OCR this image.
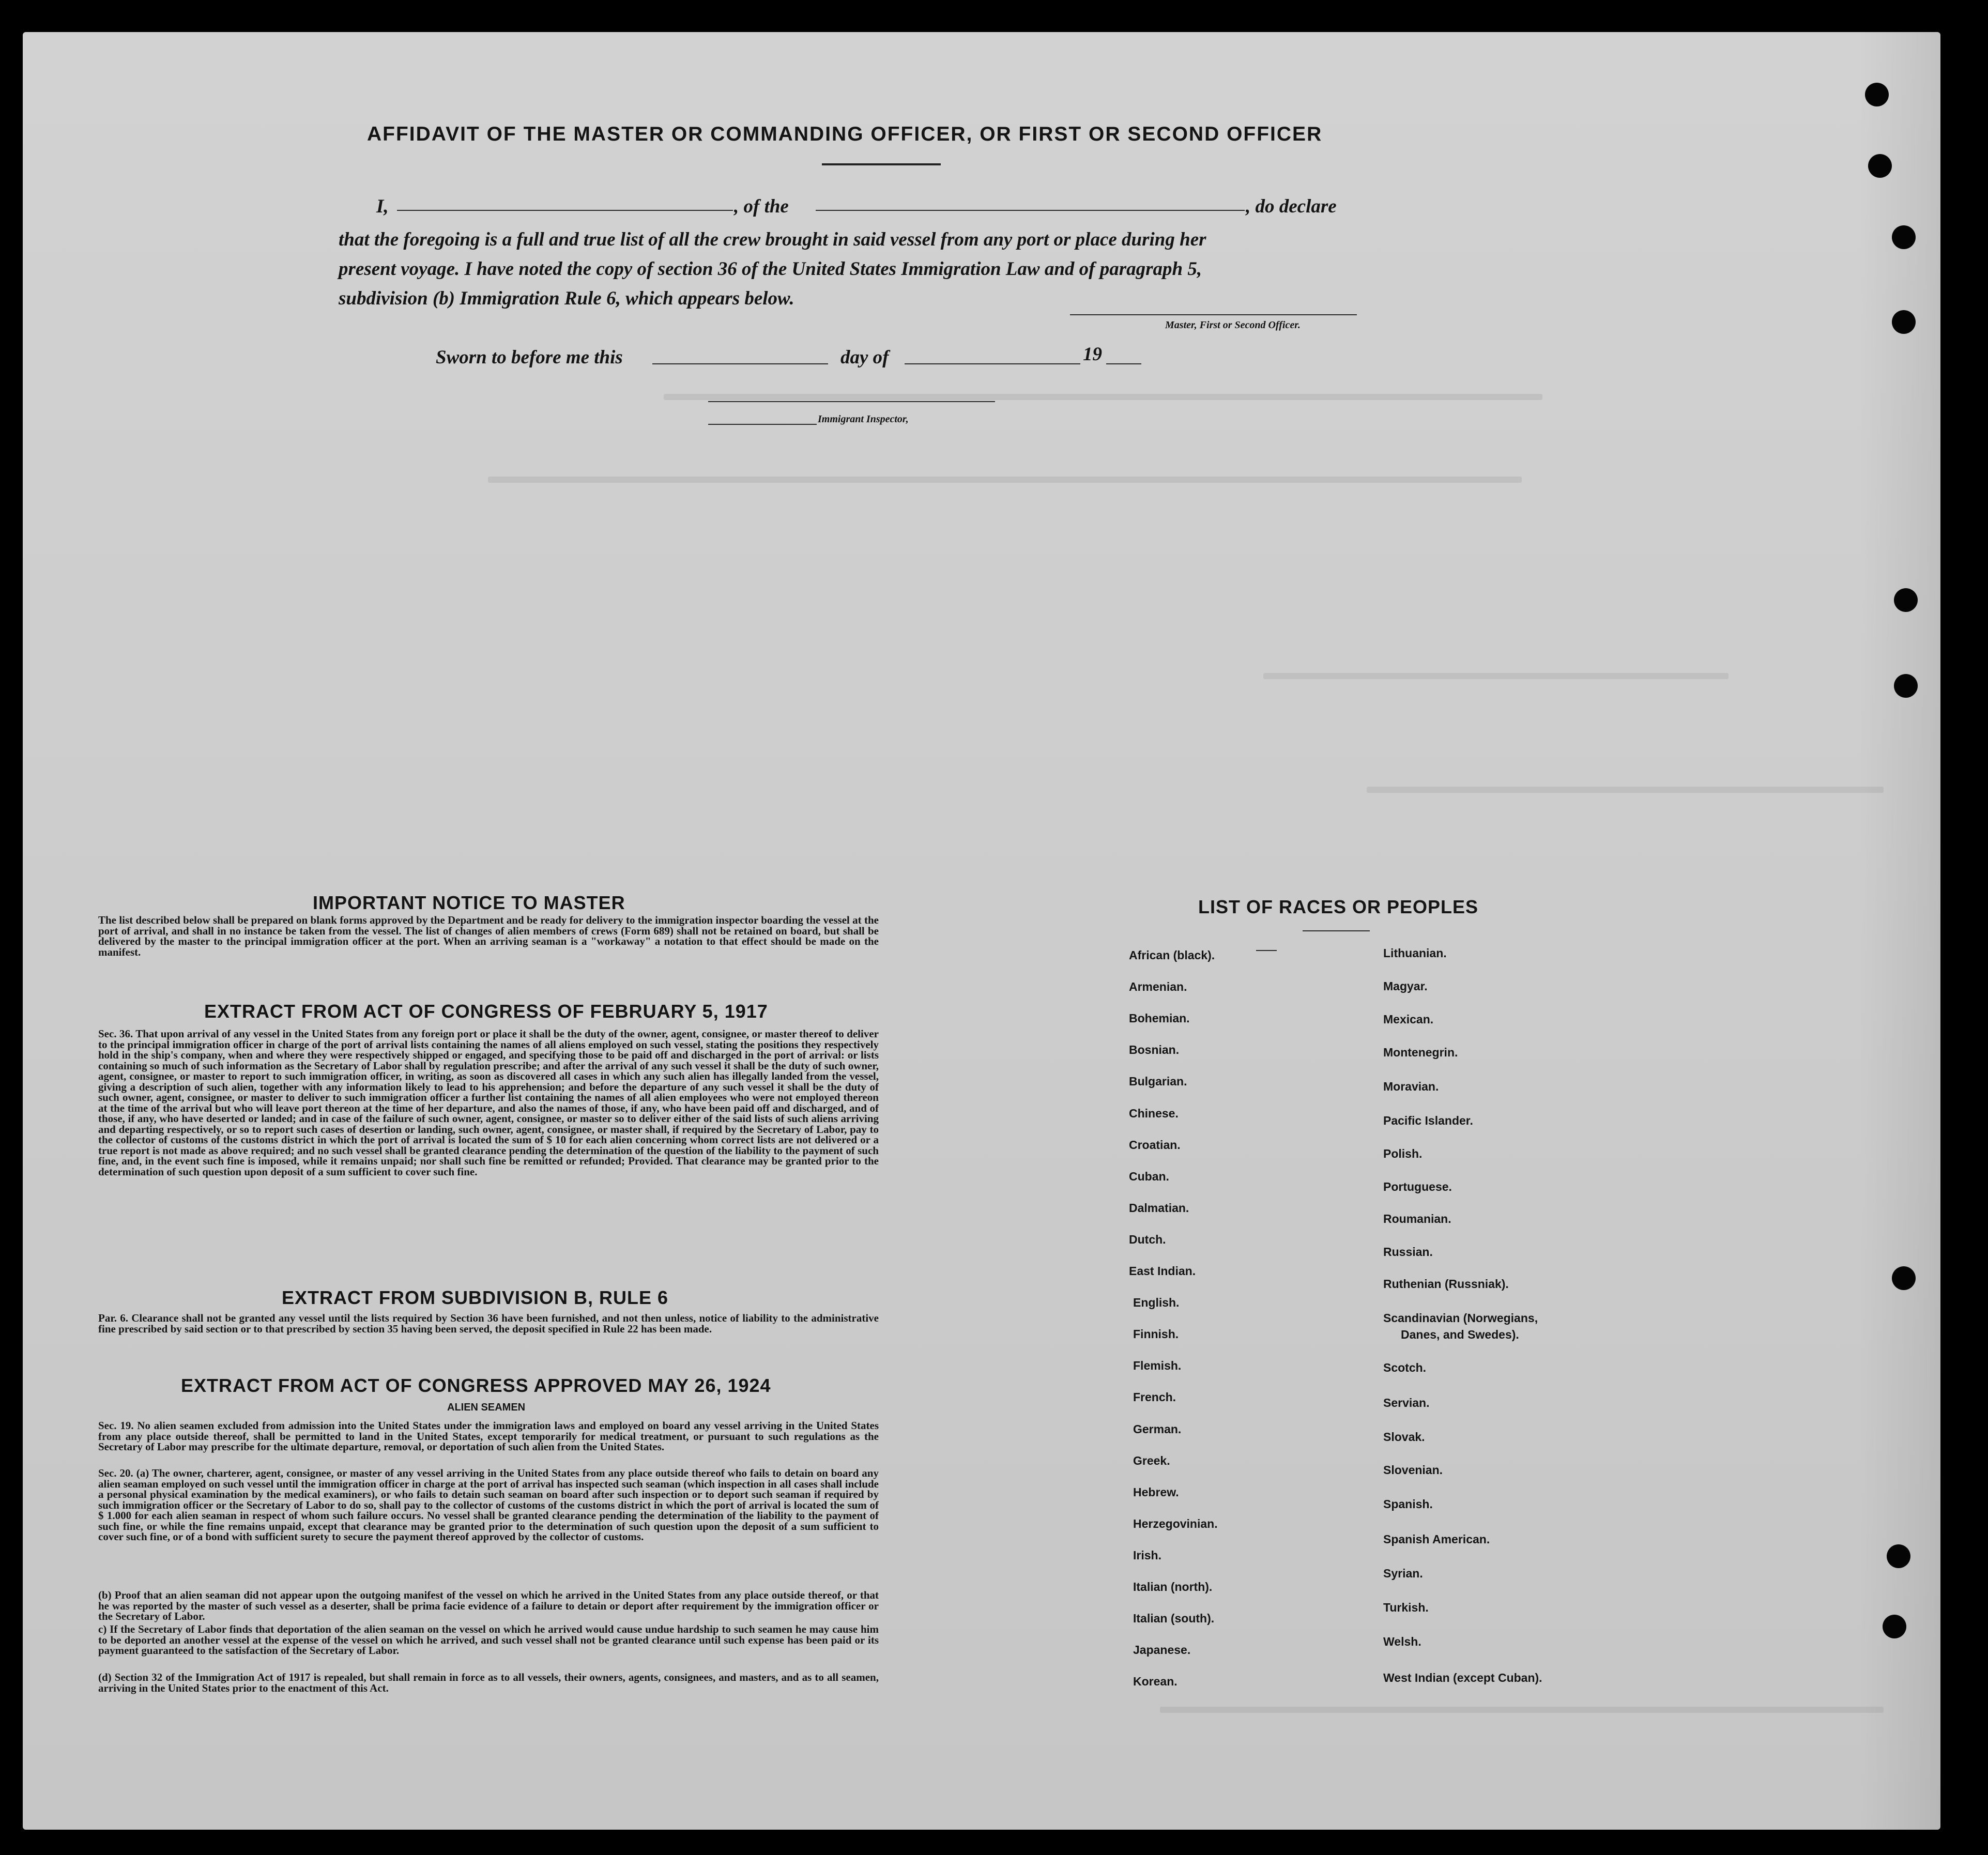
AFFIDAVIT OF THE MASTER OR COMMANDING OFFICER, OR FIRST OR SECOND OFFICER
I,	, of the	, do declare
that the foregoing is a full and true list of all the crew brought in said vessel from any port or place during her
present voyage. I have noted the copy of section 36 of the United States Immigration Law and of paragraph 5,
subdivision (b) Immigration Rule 6, which appears below.
Master, First or Second Officer.
Sworn to before me this	day of	19
Immigrant Inspector,
IMPORTANT NOTICE TO MASTER
The list described below shall be prepared on blank forms approved by the Department and be ready for delivery to the immigration inspector boarding the vessel at the port of arrival, and shall in no instance be taken from the vessel. The list of changes of alien members of crews (Form 689) shall not be retained on board, but shall be delivered by the master to the principal immigration officer at the port. When an arriving seaman is a "workaway" a notation to that effect should be made on the manifest.
EXTRACT FROM ACT OF CONGRESS OF FEBRUARY 5, 1917
Sec. 36. That upon arrival of any vessel in the United States from any foreign port or place it shall be the duty of the owner, agent, consignee, or master thereof to deliver to the principal immigration officer in charge of the port of arrival lists containing the names of all aliens employed on such vessel, stating the positions they respectively hold in the ship's company, when and where they were respectively shipped or engaged, and specifying those to be paid off and discharged in the port of arrival: or lists containing so much of such information as the Secretary of Labor shall by regulation prescribe; and after the arrival of any such vessel it shall be the duty of such owner, agent, consignee, or master to report to such immigration officer, in writing, as soon as discovered all cases in which any such alien has illegally landed from the vessel, giving a description of such alien, together with any information likely to lead to his apprehension; and before the departure of any such vessel it shall be the duty of such owner, agent, consignee, or master to deliver to such immigration officer a further list containing the names of all alien employees who were not employed thereon at the time of the arrival but who will leave port thereon at the time of her departure, and also the names of those, if any, who have been paid off and discharged, and of those, if any, who have deserted or landed; and in case of the failure of such owner, agent, consignee, or master so to deliver either of the said lists of such aliens arriving and departing respectively, or so to report such cases of desertion or landing, such owner, agent, consignee, or master shall, if required by the Secretary of Labor, pay to the collector of customs of the customs district in which the port of arrival is located the sum of $ 10 for each alien concerning whom correct lists are not delivered or a true report is not made as above required; and no such vessel shall be granted clearance pending the determination of the question of the liability to the payment of such fine, and, in the event such fine is imposed, while it remains unpaid; nor shall such fine be remitted or refunded; Provided. That clearance may be granted prior to the determination of such question upon deposit of a sum sufficient to cover such fine.
EXTRACT FROM SUBDIVISION B, RULE 6
Par. 6. Clearance shall not be granted any vessel until the lists required by Section 36 have been furnished, and not then unless, notice of liability to the administrative fine prescribed by said section or to that prescribed by section 35 having been served, the deposit specified in Rule 22 has been made.
EXTRACT FROM ACT OF CONGRESS APPROVED MAY 26, 1924
ALIEN SEAMEN
Sec. 19. No alien seamen excluded from admission into the United States under the immigration laws and employed on board any vessel arriving in the United States from any place outside thereof, shall be permitted to land in the United States, except temporarily for medical treatment, or pursuant to such regulations as the Secretary of Labor may prescribe for the ultimate departure, removal, or deportation of such alien from the United States.
Sec. 20. (a) The owner, charterer, agent, consignee, or master of any vessel arriving in the United States from any place outside thereof who fails to detain on board any alien seaman employed on such vessel until the immigration officer in charge at the port of arrival has inspected such seaman (which inspection in all cases shall include a personal physical examination by the medical examiners), or who fails to detain such seaman on board after such inspection or to deport such seaman if required by such immigration officer or the Secretary of Labor to do so, shall pay to the collector of customs of the customs district in which the port of arrival is located the sum of $ 1.000 for each alien seaman in respect of whom such failure occurs. No vessel shall be granted clearance pending the determination of the liability to the payment of such fine, or while the fine remains unpaid, except that clearance may be granted prior to the determination of such question upon the deposit of a sum sufficient to cover such fine, or of a bond with sufficient surety to secure the payment thereof approved by the collector of customs.
(b) Proof that an alien seaman did not appear upon the outgoing manifest of the vessel on which he arrived in the United States from any place outside thereof, or that he was reported by the master of such vessel as a deserter, shall be prima facie evidence of a failure to detain or deport after requirement by the immigration officer or the Secretary of Labor.
c) If the Secretary of Labor finds that deportation of the alien seaman on the vessel on which he arrived would cause undue hardship to such seamen he may cause him to be deported an another vessel at the expense of the vessel on which he arrived, and such vessel shall not be granted clearance until such expense has been paid or its payment guaranteed to the satisfaction of the Secretary of Labor.
(d) Section 32 of the Immigration Act of 1917 is repealed, but shall remain in force as to all vessels, their owners, agents, consignees, and masters, and as to all seamen, arriving in the United States prior to the enactment of this Act.
LIST OF RACES OR PEOPLES
African (black).
Armenian.
Bohemian.
Bosnian.
Bulgarian.
Chinese.
Croatian.
Cuban.
Dalmatian.
Dutch.
East Indian.
English.
Finnish.
Flemish.
French.
German.
Greek.
Hebrew.
Herzegovinian.
Irish.
Italian (north).
Italian (south).
Japanese.
Korean.
Lithuanian.
Magyar.
Mexican.
Montenegrin.
Moravian.
Pacific Islander.
Polish.
Portuguese.
Roumanian.
Russian.
Ruthenian (Russniak).
Scandinavian (Norwegians,
Danes, and Swedes).
Scotch.
Servian.
Slovak.
Slovenian.
Spanish.
Spanish American.
Syrian.
Turkish.
Welsh.
West Indian (except Cuban).
